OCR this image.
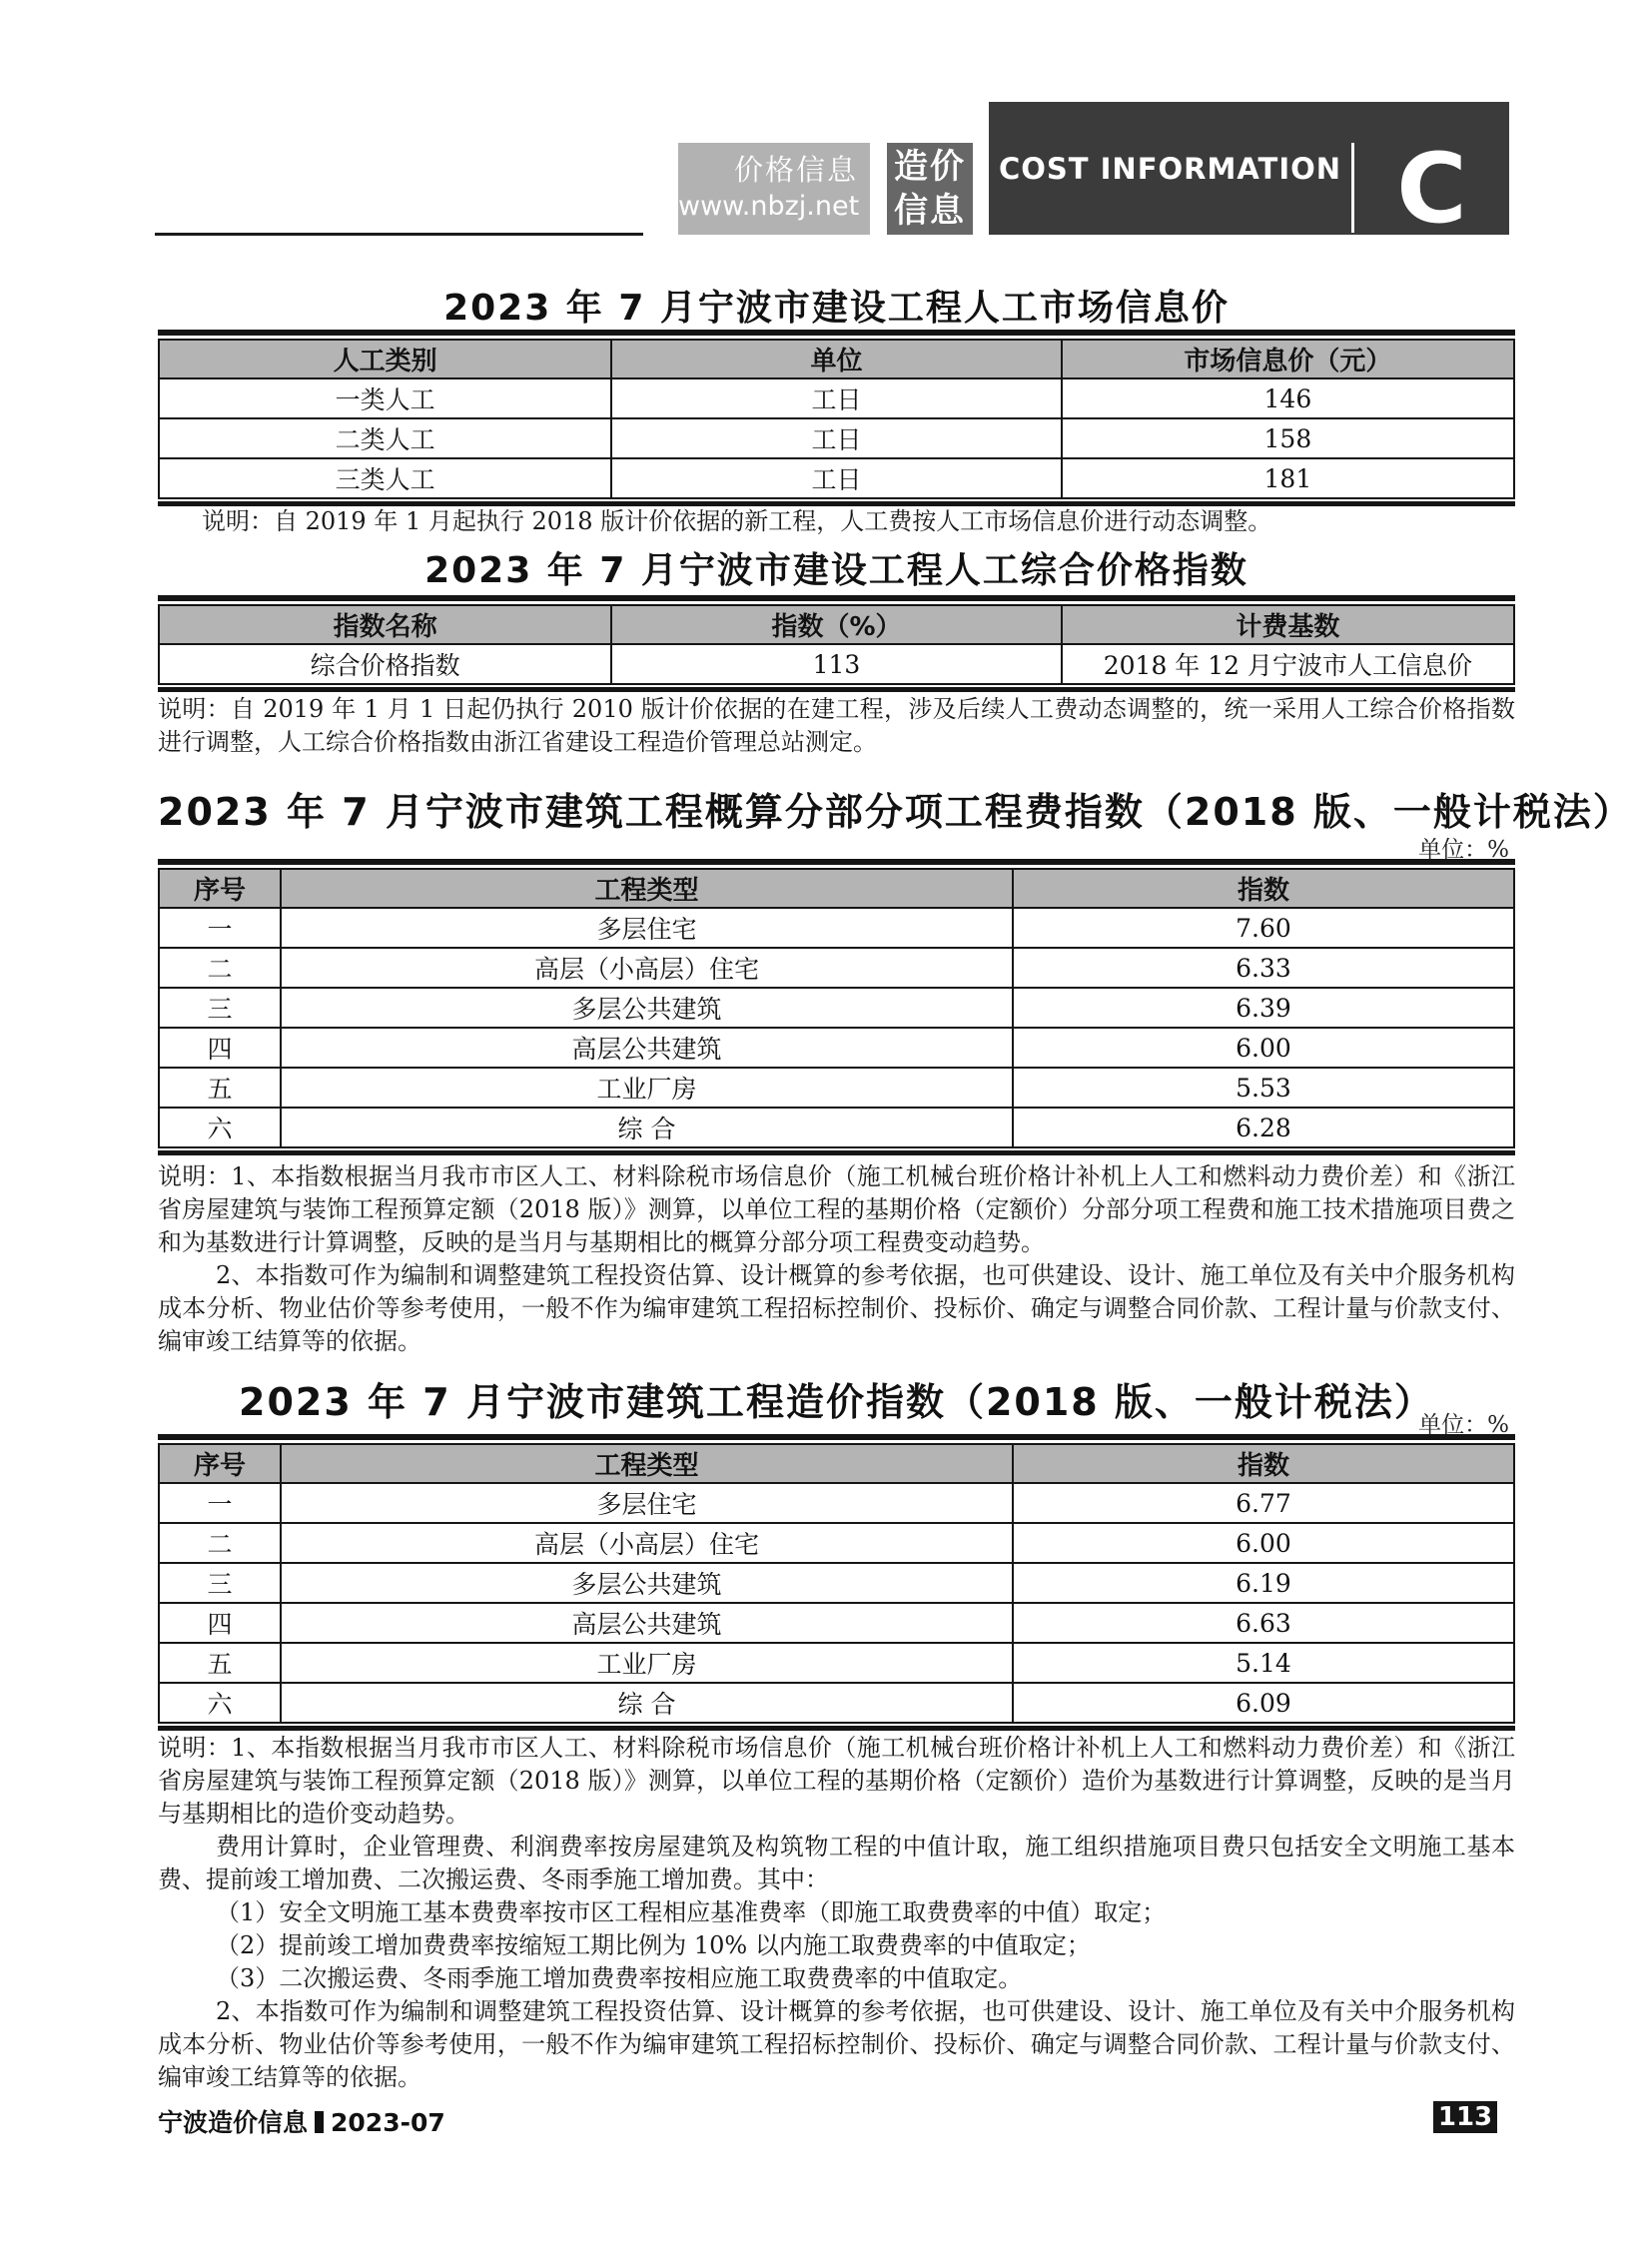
价格信息
www.nbzj.net
造价
信息
COST INFORMATION C
2023 年 7 月宁波市建设工程人工市场信息价
人工类别	单位	市场信息价（元）
一类人工	工日	146
二类人工	工日	158
三类人工	工日	181

说明：自 2019 年 1 月起执行 2018 版计价依据的新工程，人工费按人工市场信息价进行动态调整。

2023 年 7 月宁波市建设工程人工综合价格指数
指数名称	指数（%）	计费基数
综合价格指数	113	2018 年 12 月宁波市人工信息价

说明：自 2019 年 1 月 1 日起仍执行 2010 版计价依据的在建工程，涉及后续人工费动态调整的，统一采用人工综合价格指数进行调整，人工综合价格指数由浙江省建设工程造价管理总站测定。

2023 年 7 月宁波市建筑工程概算分部分项工程费指数（2018 版、一般计税法）
单位：%
序号	工程类型	指数
一	多层住宅	7.60
二	高层（小高层）住宅	6.33
三	多层公共建筑	6.39
四	高层公共建筑	6.00
五	工业厂房	5.53
六	综 合	6.28

说明：1、本指数根据当月我市市区人工、材料除税市场信息价（施工机械台班价格计补机上人工和燃料动力费价差）和《浙江省房屋建筑与装饰工程预算定额（2018 版）》测算，以单位工程的基期价格（定额价）分部分项工程费和施工技术措施项目费之和为基数进行计算调整，反映的是当月与基期相比的概算分部分项工程费变动趋势。

2、本指数可作为编制和调整建筑工程投资估算、设计概算的参考依据，也可供建设、设计、施工单位及有关中介服务机构成本分析、物业估价等参考使用，一般不作为编审建筑工程招标控制价、投标价、确定与调整合同价款、工程计量与价款支付、编审竣工结算等的依据。

2023 年 7 月宁波市建筑工程造价指数（2018 版、一般计税法）
单位：%
序号	工程类型	指数
一	多层住宅	6.77
二	高层（小高层）住宅	6.00
三	多层公共建筑	6.19
四	高层公共建筑	6.63
五	工业厂房	5.14
六	综 合	6.09

说明：1、本指数根据当月我市市区人工、材料除税市场信息价（施工机械台班价格计补机上人工和燃料动力费价差）和《浙江省房屋建筑与装饰工程预算定额（2018 版）》测算，以单位工程的基期价格（定额价）造价为基数进行计算调整，反映的是当月与基期相比的造价变动趋势。

费用计算时，企业管理费、利润费率按房屋建筑及构筑物工程的中值计取，施工组织措施项目费只包括安全文明施工基本费、提前竣工增加费、二次搬运费、冬雨季施工增加费。其中：

（1）安全文明施工基本费费率按市区工程相应基准费率（即施工取费费率的中值）取定；

（2）提前竣工增加费费率按缩短工期比例为 10% 以内施工取费费率的中值取定；

（3）二次搬运费、冬雨季施工增加费费率按相应施工取费费率的中值取定。

2、本指数可作为编制和调整建筑工程投资估算、设计概算的参考依据，也可供建设、设计、施工单位及有关中介服务机构成本分析、物业估价等参考使用，一般不作为编审建筑工程招标控制价、投标价、确定与调整合同价款、工程计量与价款支付、编审竣工结算等的依据。

宁波造价信息 2023-07	113
